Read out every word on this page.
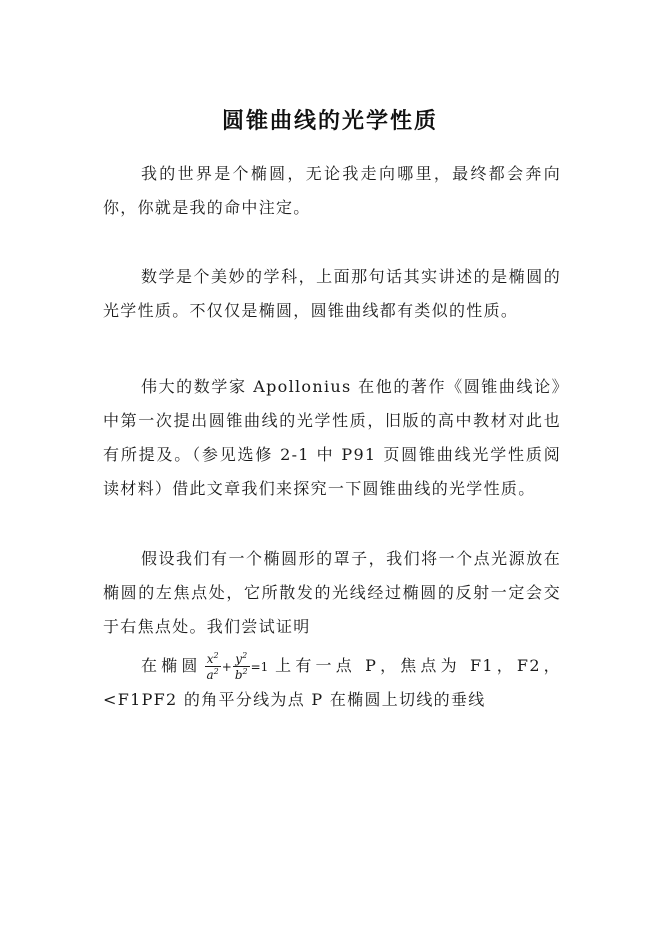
圆锥曲线的光学性质

我的世界是个椭圆，无论我走向哪里，最终都会奔向你，你就是我的命中注定。

数学是个美妙的学科，上面那句话其实讲述的是椭圆的光学性质。不仅仅是椭圆，圆锥曲线都有类似的性质。

伟大的数学家 Apollonius 在他的著作《圆锥曲线论》中第一次提出圆锥曲线的光学性质，旧版的高中教材对此也有所提及。（参见选修 2-1 中 P91 页圆锥曲线光学性质阅读材料）借此文章我们来探究一下圆锥曲线的光学性质。

假设我们有一个椭圆形的罩子，我们将一个点光源放在椭圆的左焦点处，它所散发的光线经过椭圆的反射一定会交于右焦点处。我们尝试证明

在椭圆 $\frac{x^2}{a^2} + \frac{y^2}{b^2} =1$ 上有一点 P，焦点为 F1，F2，<F1PF2 的角平分线为点 P 在椭圆上切线的垂线
